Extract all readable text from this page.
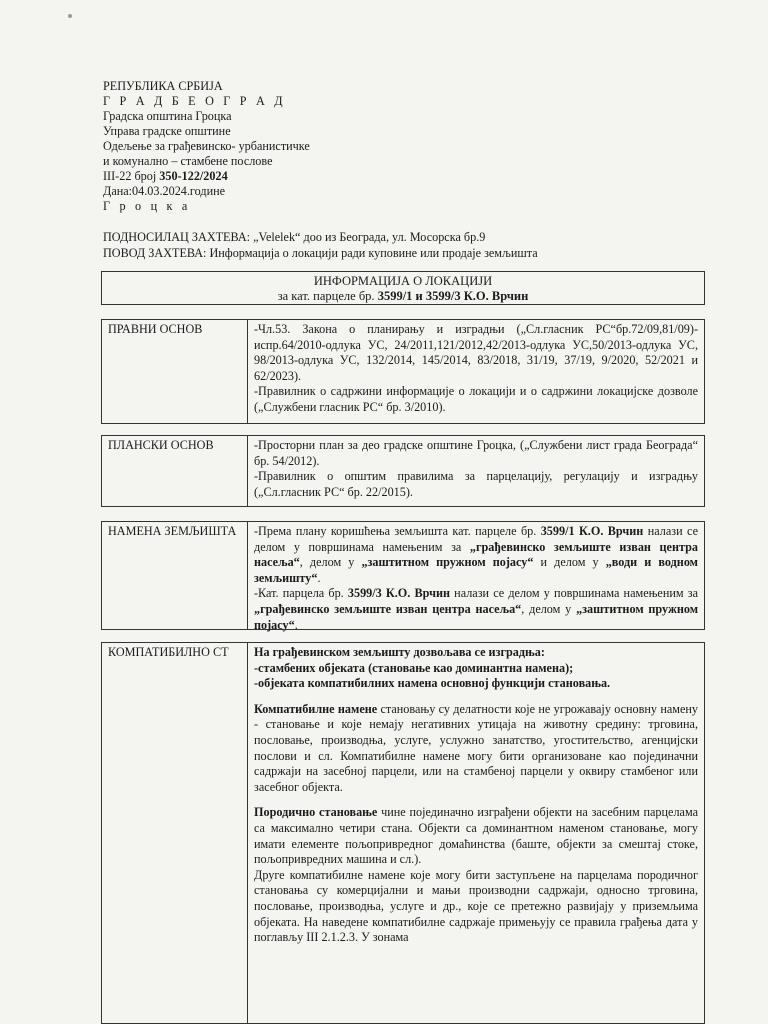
РЕПУБЛИКА СРБИЈА
Г Р А Д Б Е О Г Р А Д
Градска општина Гроцка
Управа градске општине
Одељење за грађевинско- урбанистичке
и комунално – стамбене послове
III-22 број 350-122/2024
Дана:04.03.2024.године
Г р о ц к а
ПОДНОСИЛАЦ ЗАХТЕВА: „Velelek“ доо из Београда, ул. Мосорска бр.9
ПОВОД ЗАХТЕВА: Информација о локацији ради куповине или продаје земљишта
ИНФОРМАЦИЈА О ЛОКАЦИЈИ
за кат. парцеле бр. 3599/1 и 3599/3 К.О. Врчин
ПРАВНИ ОСНОВ	-Чл.53. Закона о планирању и изградњи („Сл.гласник РС“бр.72/09,81/09)-испр.64/2010-одлука УС, 24/2011,121/2012,42/2013-одлука УС,50/2013-одлука УС, 98/2013-одлука УС, 132/2014, 145/2014, 83/2018, 31/19, 37/19, 9/2020, 52/2021 и 62/2023).

-Правилник о садржини информације о локацији и о садржини локацијске дозволе („Службени гласник РС“ бр. 3/2010).

ПЛАНСКИ ОСНОВ	-Просторни план за део градске општине Гроцка, („Службени лист града Београда“ бр. 54/2012).

-Правилник о општим правилима за парцелацију, регулацију и изградњу („Сл.гласник РС“ бр. 22/2015).

НАМЕНА ЗЕМЉИШТА	-Према плану коришћења земљишта кат. парцеле бр. 3599/1 К.О. Врчин налази се делом у површинама намењеним за „грађевинско земљиште изван центра насеља“, делом у „заштитном пружном појасу“ и делом у „води и водном земљишту“.

-Кат. парцела бр. 3599/3 К.О. Врчин налази се делом у површинама намењеним за „грађевинско земљиште изван центра насеља“, делом у „заштитном пружном појасу“.

КОМПАТИБИЛНО СТ	На грађевинском земљишту дозвољава се изградња:

-стамбених објеката (становање као доминантна намена);

-објеката компатибилних намена основној функцији становања.

Компатибилне намене становању су делатности које не угрожавају основну намену - становање и које немају негативних утицаја на животну средину: трговина, пословање, производња, услуге, услужно занатство, угоститељство, агенцијски послови и сл. Компатибилне намене могу бити организоване као појединачни садржаји на засебној парцели, или на стамбеној парцели у оквиру стамбеног или засебног објекта.

Породично становање чине појединачно изграђени објекти на засебним парцелама са максимално четири стана. Објекти са доминантном наменом становање, могу имати елементе пољопривредног домаћинства (баште, објекти за смештај стоке, пољопривредних машина и сл.).

Друге компатибилне намене које могу бити заступљене на парцелама породичног становања су комерцијални и мањи производни садржаји, односно трговина, пословање, производња, услуге и др., које се претежно развијају у приземљима објеката. На наведене компатибилне садржаје примењују се правила грађења дата у поглављу III 2.1.2.3. У зонама
